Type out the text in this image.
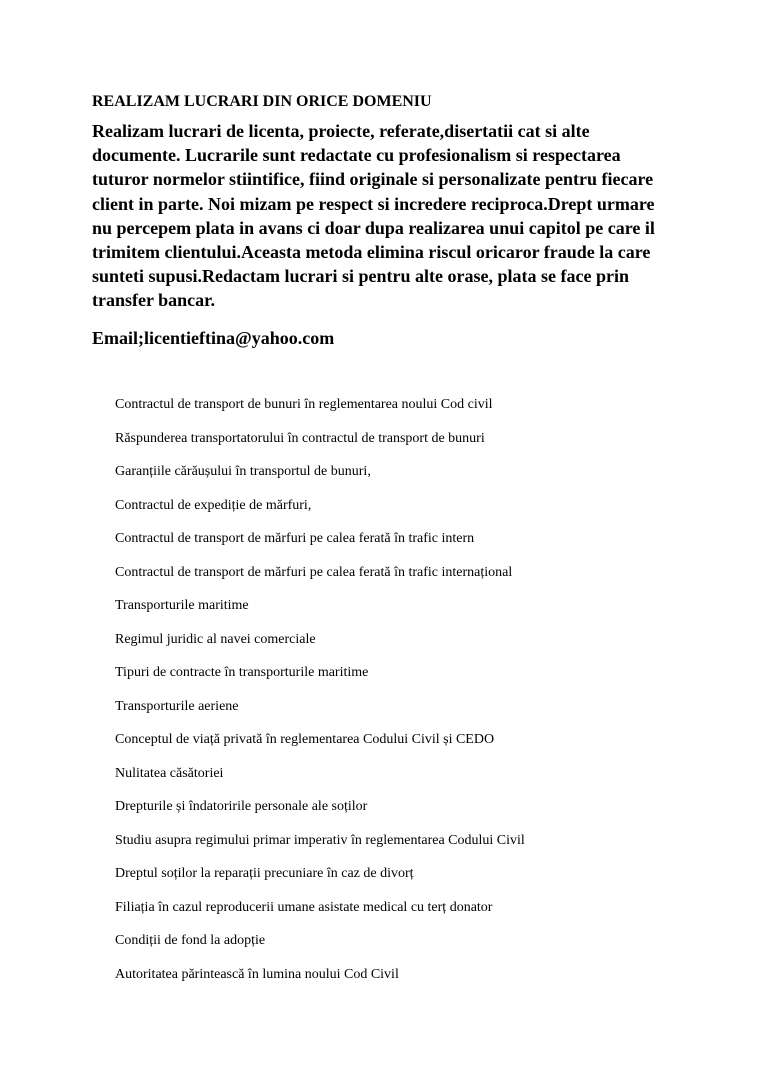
REALIZAM LUCRARI DIN ORICE DOMENIU

Realizam lucrari de licenta, proiecte, referate,disertatii cat si alte
documente. Lucrarile sunt redactate cu profesionalism si respectarea
tuturor normelor stiintifice, fiind originale si personalizate pentru fiecare
client in parte. Noi mizam pe respect si incredere reciproca.Drept urmare
nu percepem plata in avans ci doar dupa realizarea unui capitol pe care il
trimitem clientului.Aceasta metoda elimina riscul oricaror fraude la care
sunteti supusi.Redactam lucrari si pentru alte orase, plata se face prin
transfer bancar.

Email;licentieftina@yahoo.com
Contractul de transport de bunuri în reglementarea noului Cod civil
Răspunderea transportatorului în contractul de transport de bunuri
Garanțiile cărăușului în transportul de bunuri,
Contractul de expediție de mărfuri,
Contractul de transport de mărfuri pe calea ferată în trafic intern
Contractul de transport de mărfuri pe calea ferată în trafic internațional
Transporturile maritime
Regimul juridic al navei comerciale
Tipuri de contracte în transporturile maritime
Transporturile aeriene
Conceptul de viață privată în reglementarea Codului Civil și CEDO
Nulitatea căsătoriei
Drepturile și îndatoririle personale ale soților
Studiu asupra regimului primar imperativ în reglementarea Codului Civil
Dreptul soților la reparații precuniare în caz de divorț
Filiația în cazul reproducerii umane asistate medical cu terț donator
Condiții de fond la adopție
Autoritatea părintească în lumina noului Cod Civil
